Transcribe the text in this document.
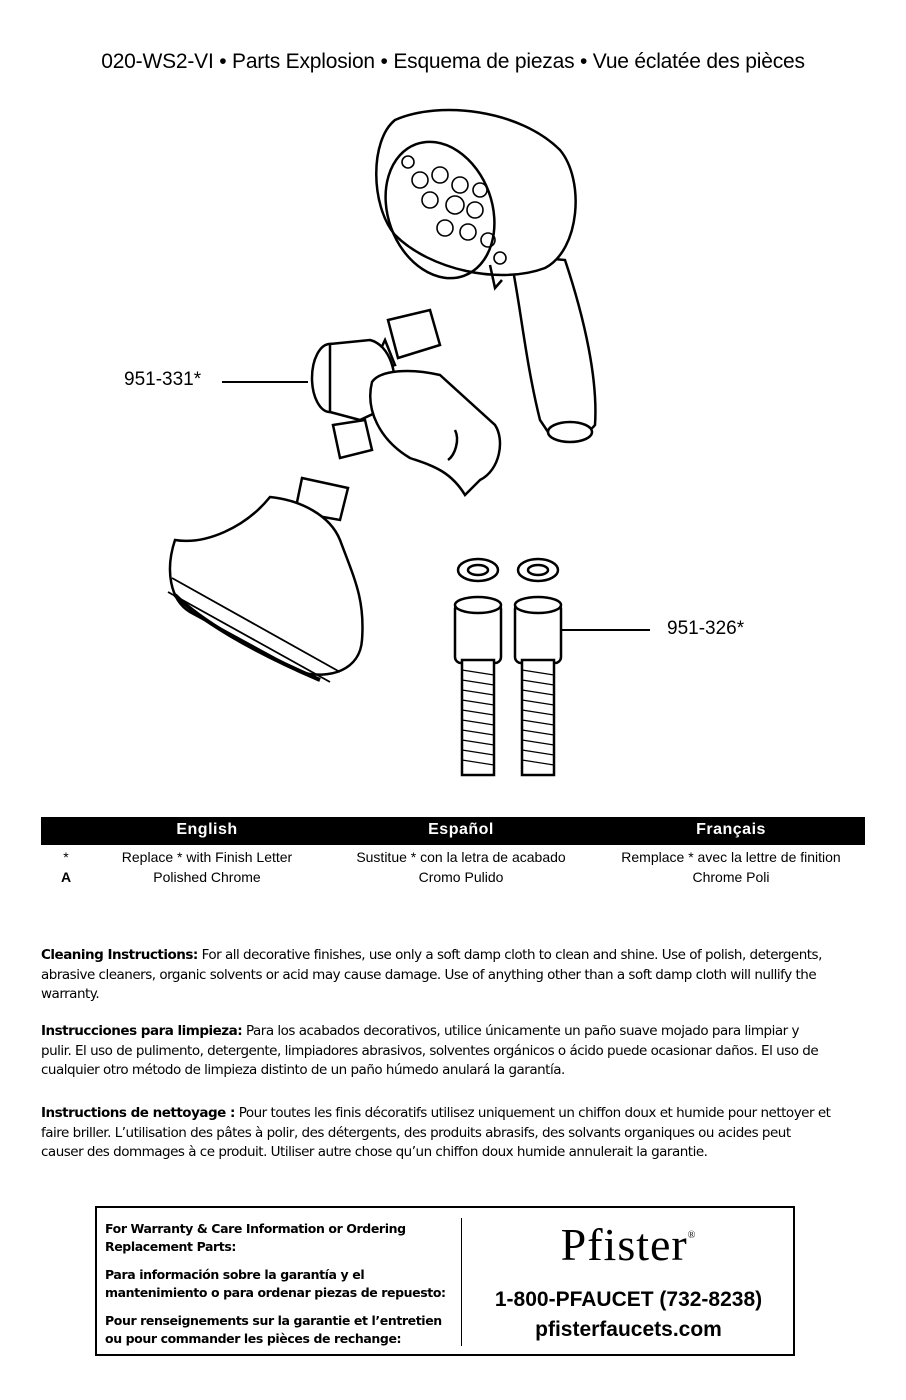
020-WS2-VI • Parts Explosion • Esquema de piezas • Vue éclatée des pièces
951-331*
951-326*
English	Español	Français
*	Replace * with Finish Letter	Sustitue * con la letra de acabado	Remplace * avec la lettre de finition
A	Polished Chrome	Cromo Pulido	Chrome Poli
Cleaning Instructions: For all decorative finishes, use only a soft damp cloth to clean and shine. Use of polish, detergents, abrasive cleaners, organic solvents or acid may cause damage. Use of anything other than a soft damp cloth will nullify the warranty.
Instrucciones para limpieza: Para los acabados decorativos, utilice únicamente un paño suave mojado para limpiar y pulir. El uso de pulimento, detergente, limpiadores abrasivos, solventes orgánicos o ácido puede ocasionar daños. El uso de cualquier otro método de limpieza distinto de un paño húmedo anulará la garantía.
Instructions de nettoyage : Pour toutes les finis décoratifs utilisez uniquement un chiffon doux et humide pour nettoyer et faire briller. L’utilisation des pâtes à polir, des détergents, des produits abrasifs, des solvants organiques ou acides peut causer des dommages à ce produit. Utiliser autre chose qu’un chiffon doux humide annulerait la garantie.

For Warranty & Care Information or Ordering Replacement Parts:

Para información sobre la garantía y el mantenimiento o para ordenar piezas de repuesto:

Pour renseignements sur la garantie et l’entretien ou pour commander les pièces de rechange:

Pfister®
1-800-PFAUCET (732-8238)
pfisterfaucets.com
